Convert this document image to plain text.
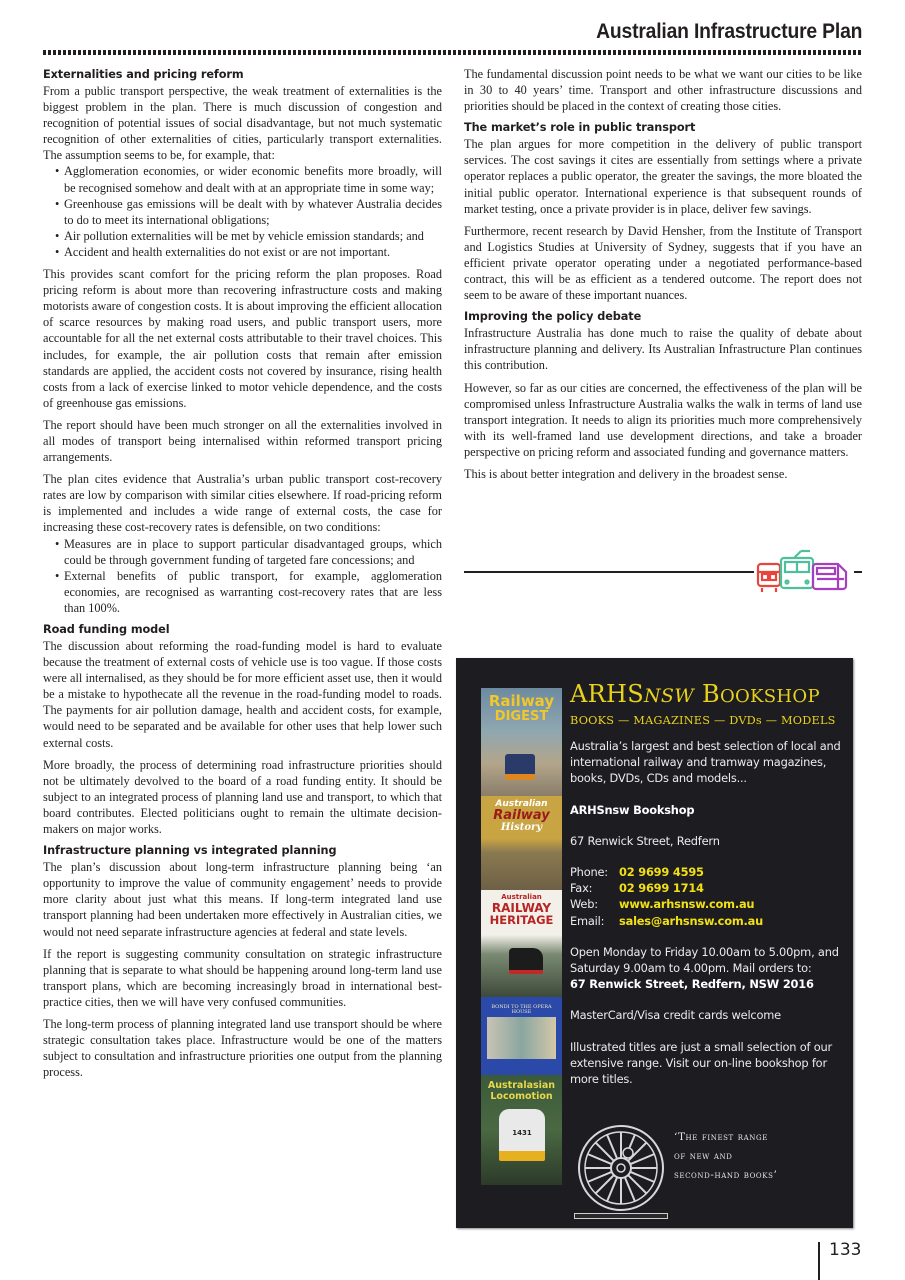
Australian Infrastructure Plan
Externalities and pricing reform
From a public transport perspective, the weak treatment of externalities is the biggest problem in the plan. There is much discussion of congestion and recognition of potential issues of social disadvantage, but not much systematic recognition of other externalities of cities, particularly transport externalities. The assumption seems to be, for example, that:
• Agglomeration economies, or wider economic benefits more broadly, will be recognised somehow and dealt with at an appropriate time in some way;
• Greenhouse gas emissions will be dealt with by whatever Australia decides to do to meet its international obligations;
• Air pollution externalities will be met by vehicle emission standards; and
• Accident and health externalities do not exist or are not important.
This provides scant comfort for the pricing reform the plan proposes. Road pricing reform is about more than recovering infrastructure costs and making motorists aware of congestion costs. It is about improving the efficient allocation of scarce resources by making road users, and public transport users, more accountable for all the net external costs attributable to their travel choices. This includes, for example, the air pollution costs that remain after emission standards are applied, the accident costs not covered by insurance, rising health costs from a lack of exercise linked to motor vehicle dependence, and the costs of greenhouse gas emissions.
The report should have been much stronger on all the externalities involved in all modes of transport being internalised within reformed transport pricing arrangements.
The plan cites evidence that Australia’s urban public transport cost-recovery rates are low by comparison with similar cities elsewhere. If road-pricing reform is implemented and includes a wide range of external costs, the case for increasing these cost-recovery rates is defensible, on two conditions:
• Measures are in place to support particular disadvantaged groups, which could be through government funding of targeted fare concessions; and
• External benefits of public transport, for example, agglomeration economies, are recognised as warranting cost-recovery rates that are less than 100%.
Road funding model
The discussion about reforming the road-funding model is hard to evaluate because the treatment of external costs of vehicle use is too vague. If those costs were all internalised, as they should be for more efficient asset use, then it would be a mistake to hypothecate all the revenue in the road-funding model to roads. The payments for air pollution damage, health and accident costs, for example, would need to be separated and be available for other uses that help lower such external costs.
More broadly, the process of determining road infrastructure priorities should not be ultimately devolved to the board of a road funding entity. It should be subject to an integrated process of planning land use and transport, to which that board contributes. Elected politicians ought to remain the ultimate decision-makers on major works.
Infrastructure planning vs integrated planning
The plan’s discussion about long-term infrastructure planning being ‘an opportunity to improve the value of community engagement’ needs to provide more clarity about just what this means. If long-term integrated land use transport planning had been undertaken more effectively in Australian cities, we would not need separate infrastructure agencies at federal and state levels.
If the report is suggesting community consultation on strategic infrastructure planning that is separate to what should be happening around long-term land use transport plans, which are becoming increasingly broad in international best-practice cities, then we will have very confused communities.
The long-term process of planning integrated land use transport should be where strategic consultation takes place. Infrastructure would be one of the matters subject to consultation and infrastructure priorities one output from the planning process.
The fundamental discussion point needs to be what we want our cities to be like in 30 to 40 years’ time. Transport and other infrastructure discussions and priorities should be placed in the context of creating those cities.
The market’s role in public transport
The plan argues for more competition in the delivery of public transport services. The cost savings it cites are essentially from settings where a private operator replaces a public operator, the greater the savings, the more bloated the initial public operator. International experience is that subsequent rounds of market testing, once a private provider is in place, deliver few savings.
Furthermore, recent research by David Hensher, from the Institute of Transport and Logistics Studies at University of Sydney, suggests that if you have an efficient private operator operating under a negotiated performance-based contract, this will be as efficient as a tendered outcome. The report does not seem to be aware of these important nuances.
Improving the policy debate
Infrastructure Australia has done much to raise the quality of debate about infrastructure planning and delivery. Its Australian Infrastructure Plan continues this contribution.
However, so far as our cities are concerned, the effectiveness of the plan will be compromised unless Infrastructure Australia walks the walk in terms of land use transport integration. It needs to align its priorities much more comprehensively with its well-framed land use development directions, and take a broader perspective on pricing reform and associated funding and governance matters.
This is about better integration and delivery in the broadest sense.
Railway
DIGEST
Australian
Railway
History
Australian
RAILWAY
HERITAGE
BONDI TO THE OPERA HOUSE
Australasian
Locomotion
1431
ARHSNSW BOOKSHOP
BOOKS — MAGAZINES — DVDs — MODELS
Australia’s largest and best selection of local and international railway and tramway magazines, books, DVDs, CDs and models...
ARHSnsw Bookshop
67 Renwick Street, Redfern
Phone: 02 9699 4595
Fax:	02 9699 1714
Web:	www.arhsnsw.com.au
Email:	sales@arhsnsw.com.au
Open Monday to Friday 10.00am to 5.00pm, and Saturday 9.00am to 4.00pm. Mail orders to:
67 Renwick Street, Redfern, NSW 2016
MasterCard/Visa credit cards welcome
Illustrated titles are just a small selection of our extensive range. Visit our on-line bookshop for more titles.
‘The finest range
of new and
second-hand books’
133
